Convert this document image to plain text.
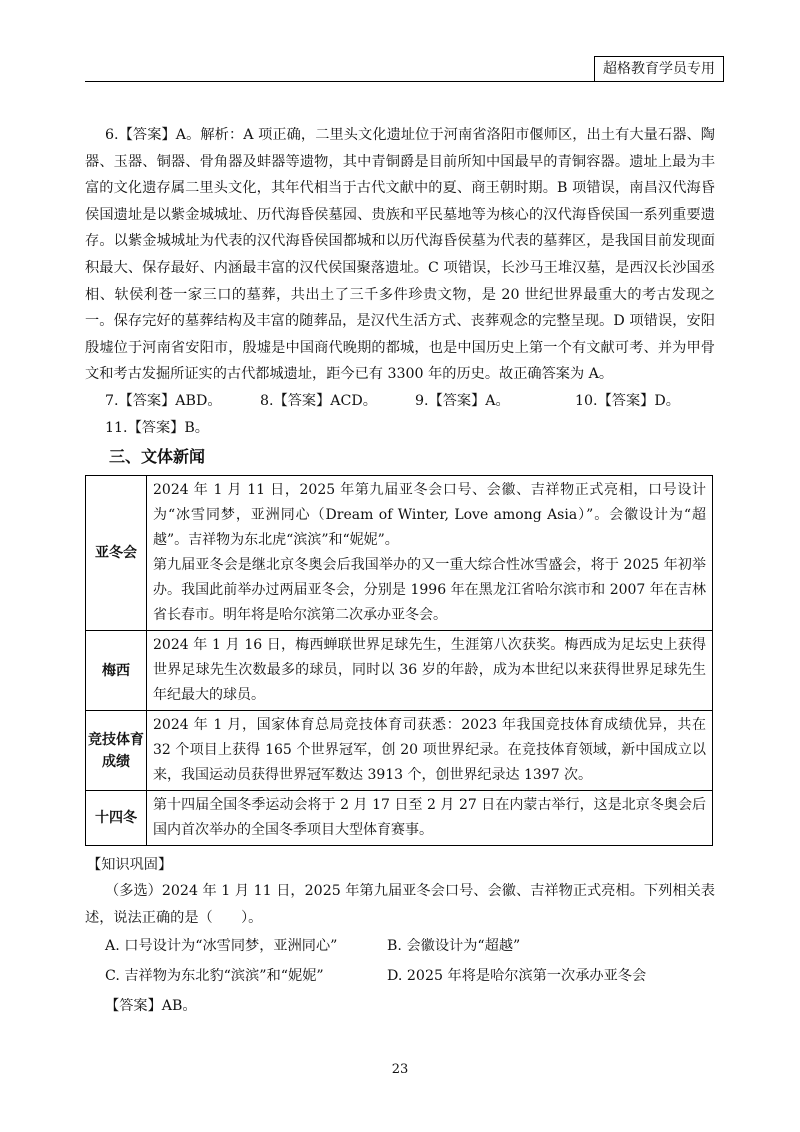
超格教育学员专用

6.【答案】A。解析：A 项正确，二里头文化遗址位于河南省洛阳市偃师区，出土有大量石器、陶器、玉器、铜器、骨角器及蚌器等遗物，其中青铜爵是目前所知中国最早的青铜容器。遗址上最为丰富的文化遗存属二里头文化，其年代相当于古代文献中的夏、商王朝时期。B 项错误，南昌汉代海昏侯国遗址是以紫金城城址、历代海昏侯墓园、贵族和平民墓地等为核心的汉代海昏侯国一系列重要遗存。以紫金城城址为代表的汉代海昏侯国都城和以历代海昏侯墓为代表的墓葬区，是我国目前发现面积最大、保存最好、内涵最丰富的汉代侯国聚落遗址。C 项错误，长沙马王堆汉墓，是西汉长沙国丞相、轪侯利苍一家三口的墓葬，共出土了三千多件珍贵文物，是 20 世纪世界最重大的考古发现之一。保存完好的墓葬结构及丰富的随葬品，是汉代生活方式、丧葬观念的完整呈现。D 项错误，安阳殷墟位于河南省安阳市，殷墟是中国商代晚期的都城，也是中国历史上第一个有文献可考、并为甲骨文和考古发掘所证实的古代都城遗址，距今已有 3300 年的历史。故正确答案为 A。

7.【答案】ABD。	8.【答案】ACD。	9.【答案】A。	10.【答案】D。
11.【答案】B。
三、文体新闻
亚冬会	2024 年 1 月 11 日，2025 年第九届亚冬会口号、会徽、吉祥物正式亮相，口号设计为“冰雪同梦，亚洲同心（Dream of Winter, Love among Asia）”。会徽设计为“超越”。吉祥物为东北虎“滨滨”和“妮妮”。

第九届亚冬会是继北京冬奥会后我国举办的又一重大综合性冰雪盛会，将于 2025 年初举办。我国此前举办过两届亚冬会，分别是 1996 年在黑龙江省哈尔滨市和 2007 年在吉林省长春市。明年将是哈尔滨第二次承办亚冬会。

梅西	2024 年 1 月 16 日，梅西蝉联世界足球先生，生涯第八次获奖。梅西成为足坛史上获得世界足球先生次数最多的球员，同时以 36 岁的年龄，成为本世纪以来获得世界足球先生年纪最大的球员。

竞技体育成绩	2024 年 1 月，国家体育总局竞技体育司获悉：2023 年我国竞技体育成绩优异，共在 32 个项目上获得 165 个世界冠军，创 20 项世界纪录。在竞技体育领域，新中国成立以来，我国运动员获得世界冠军数达 3913 个，创世界纪录达 1397 次。

十四冬	第十四届全国冬季运动会将于 2 月 17 日至 2 月 27 日在内蒙古举行，这是北京冬奥会后国内首次举办的全国冬季项目大型体育赛事。

【知识巩固】

（多选）2024 年 1 月 11 日，2025 年第九届亚冬会口号、会徽、吉祥物正式亮相。下列相关表述，说法正确的是（　　）。

A. 口号设计为“冰雪同梦，亚洲同心”	B. 会徽设计为“超越”
C. 吉祥物为东北豹“滨滨”和“妮妮”	D. 2025 年将是哈尔滨第一次承办亚冬会
【答案】AB。
23
